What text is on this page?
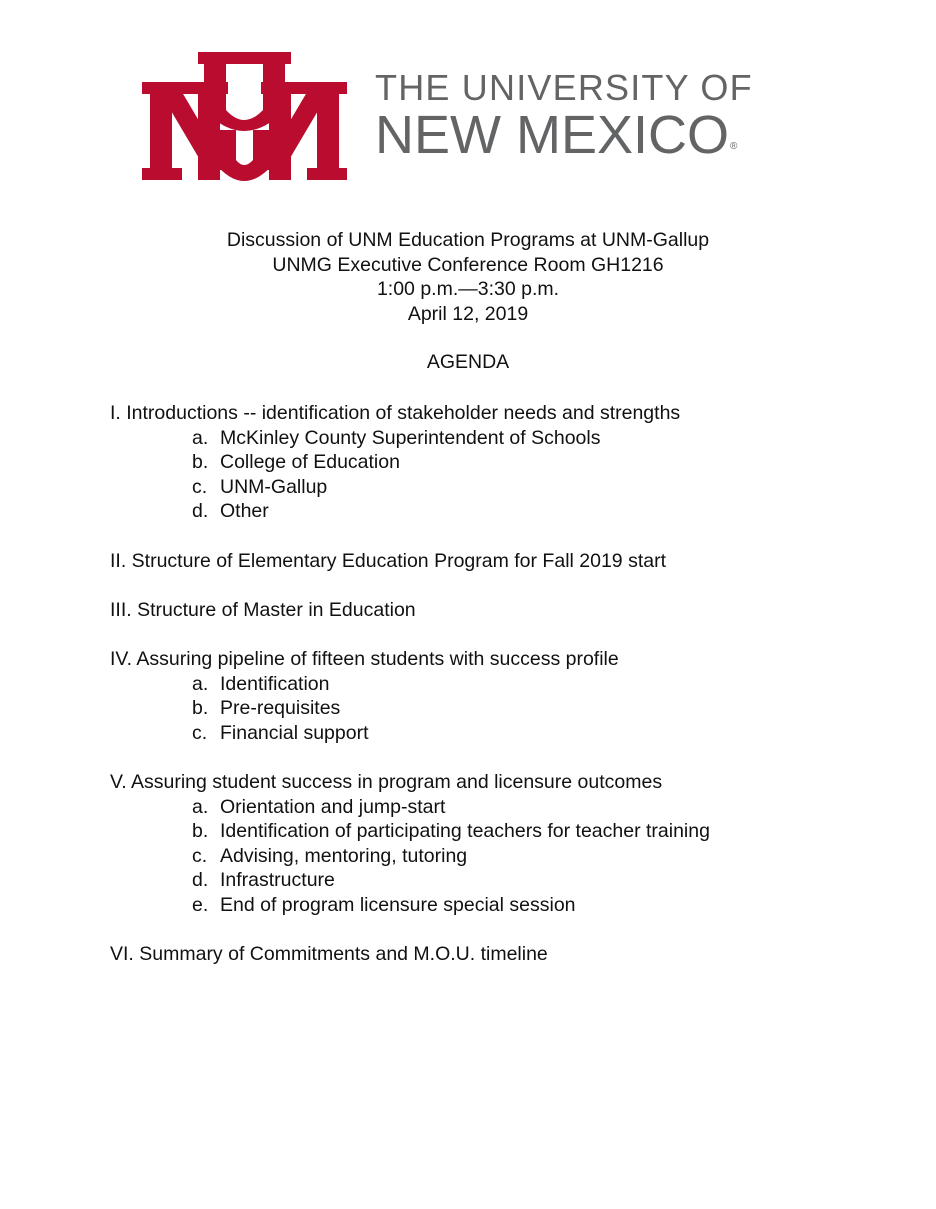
THE UNIVERSITY OF
NEW MEXICO®
Discussion of UNM Education Programs at UNM-Gallup
UNMG Executive Conference Room GH1216
1:00 p.m.—3:30 p.m.
April 12, 2019
AGENDA
I. Introductions -- identification of stakeholder needs and strengths
a. McKinley County Superintendent of Schools
b. College of Education
c. UNM-Gallup
d. Other
II. Structure of Elementary Education Program for Fall 2019 start
III. Structure of Master in Education
IV. Assuring pipeline of fifteen students with success profile
a. Identification
b. Pre-requisites
c. Financial support
V. Assuring student success in program and licensure outcomes
a. Orientation and jump-start
b. Identification of participating teachers for teacher training
c. Advising, mentoring, tutoring
d. Infrastructure
e. End of program licensure special session
VI. Summary of Commitments and M.O.U. timeline
